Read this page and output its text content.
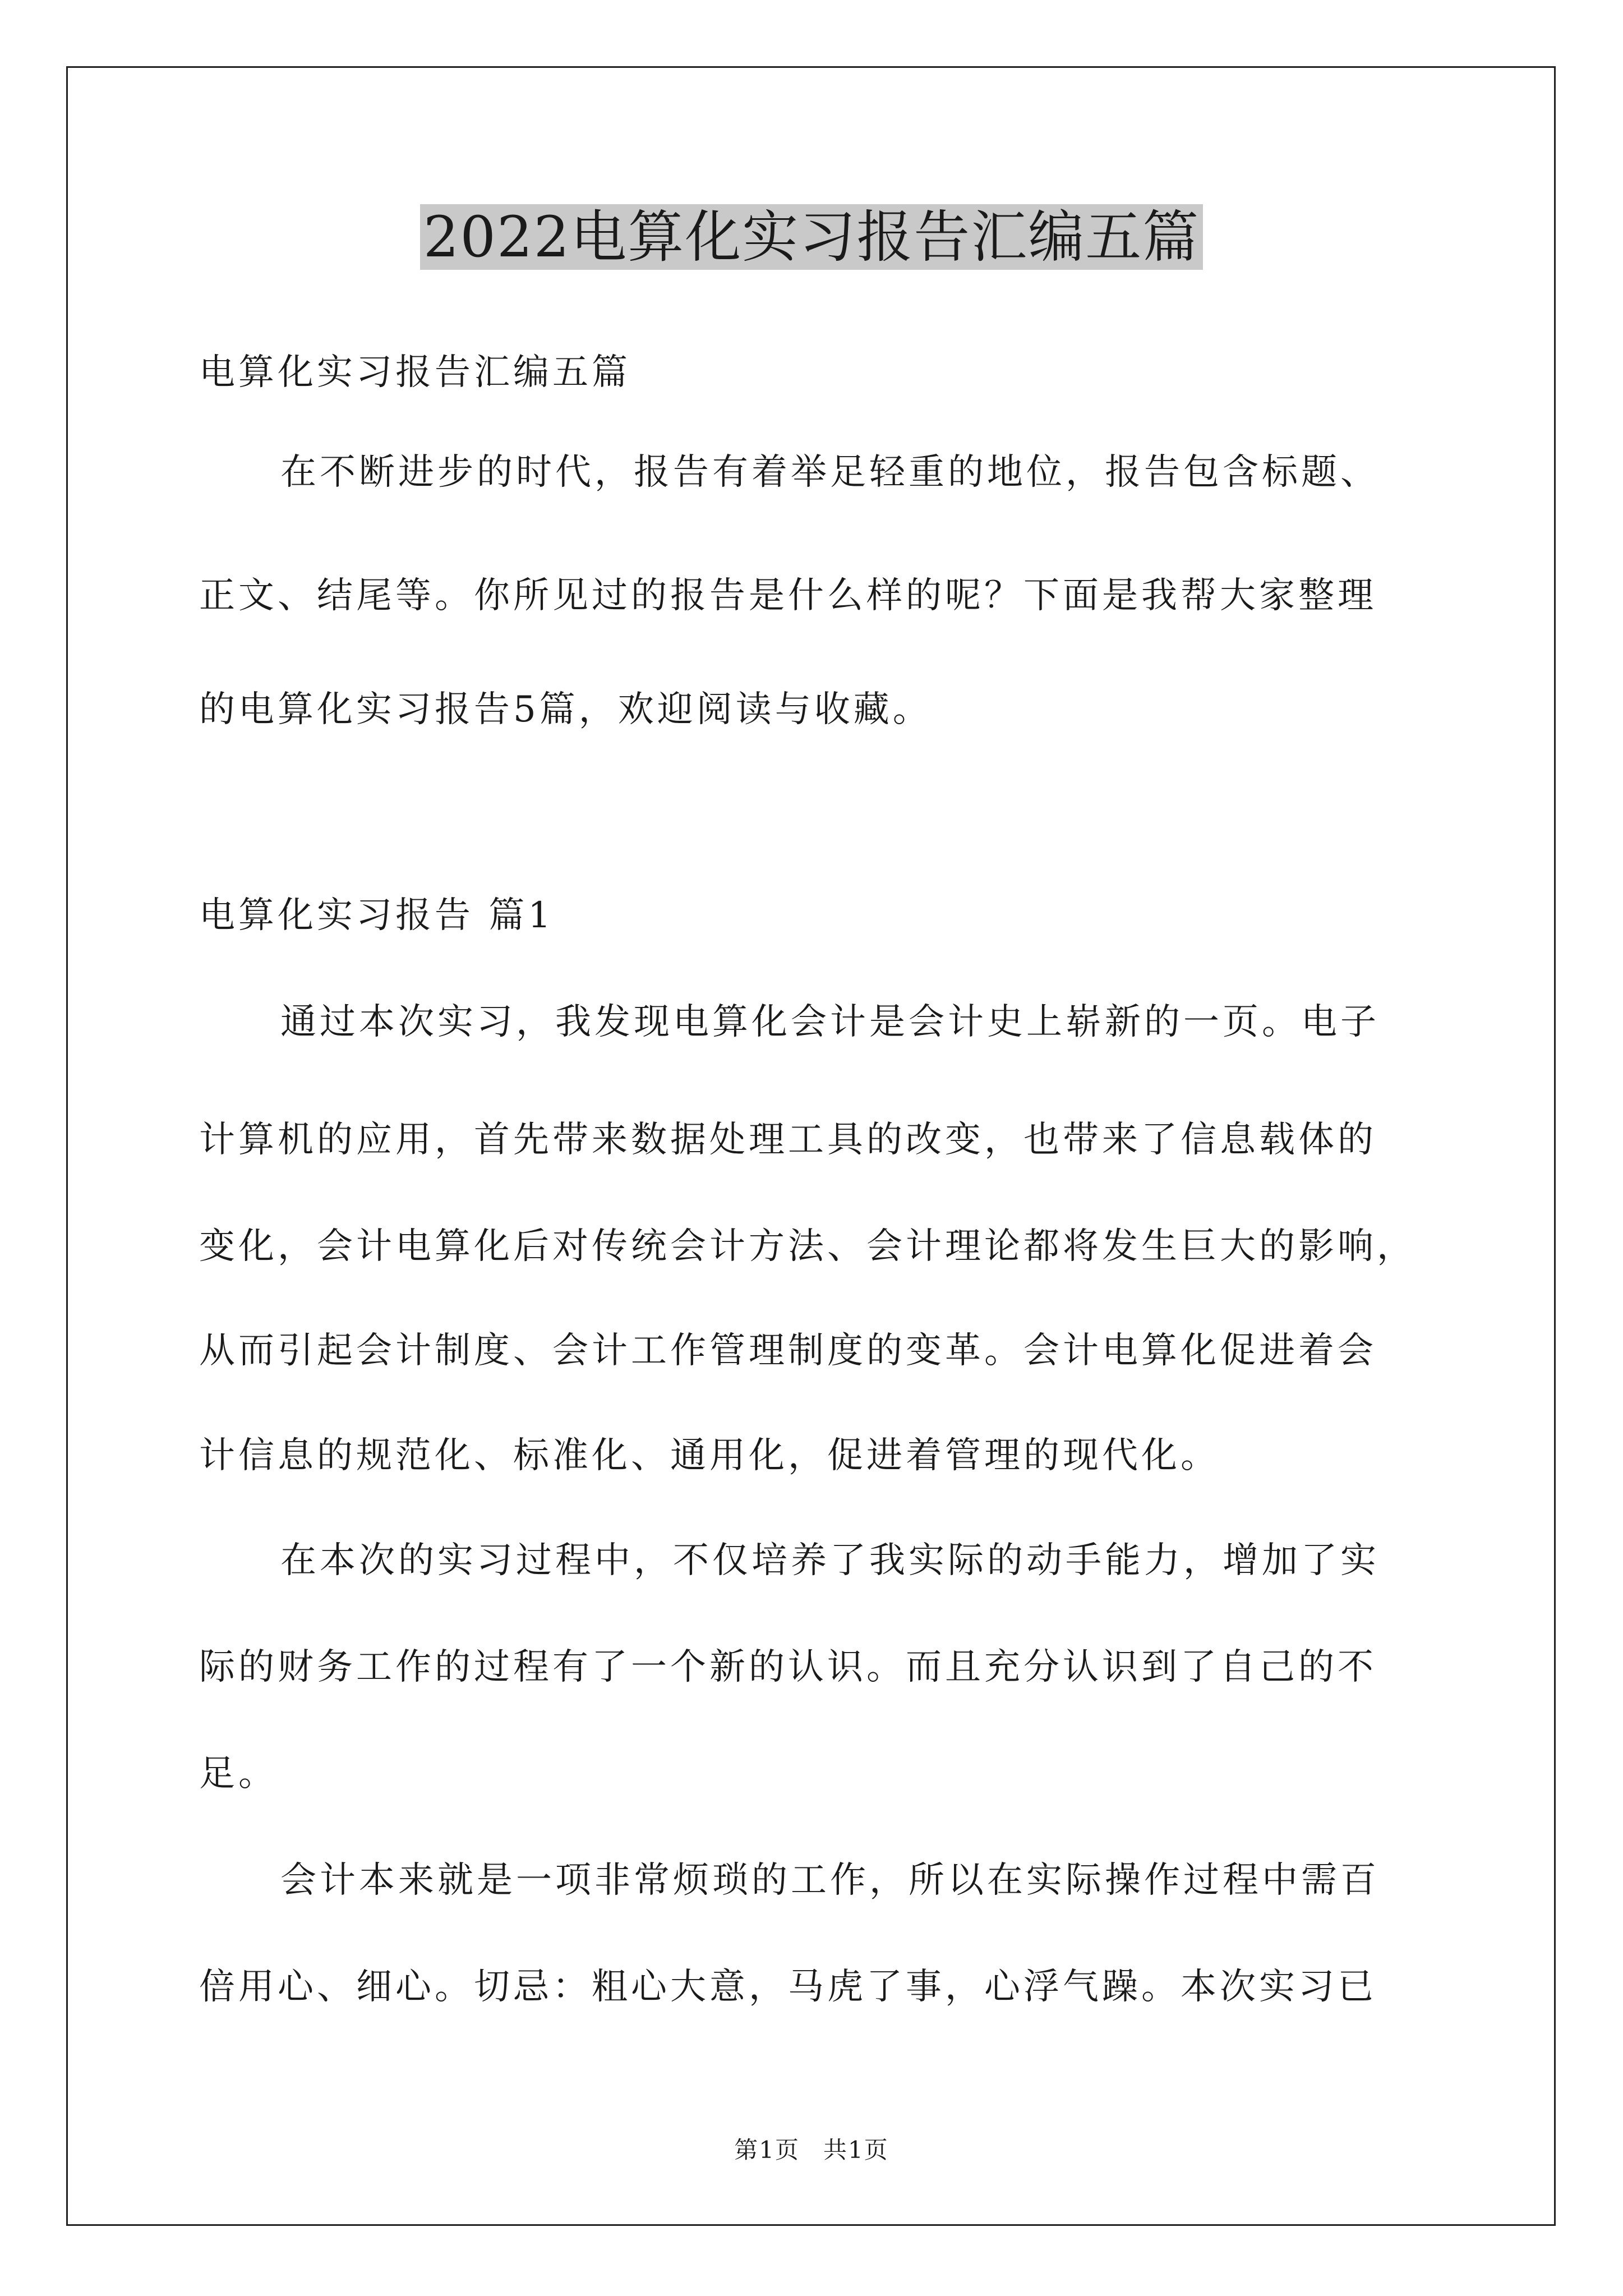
2022电算化实习报告汇编五篇
电算化实习报告汇编五篇
在不断进步的时代，报告有着举足轻重的地位，报告包含标题、
正文、结尾等。你所见过的报告是什么样的呢？下面是我帮大家整理
的电算化实习报告5篇，欢迎阅读与收藏。
电算化实习报告 篇1
通过本次实习，我发现电算化会计是会计史上崭新的一页。电子
计算机的应用，首先带来数据处理工具的改变，也带来了信息载体的
变化，会计电算化后对传统会计方法、会计理论都将发生巨大的影响，
从而引起会计制度、会计工作管理制度的变革。会计电算化促进着会
计信息的规范化、标准化、通用化，促进着管理的现代化。
在本次的实习过程中，不仅培养了我实际的动手能力，增加了实
际的财务工作的过程有了一个新的认识。而且充分认识到了自己的不
足。
会计本来就是一项非常烦琐的工作，所以在实际操作过程中需百
倍用心、细心。切忌：粗心大意，马虎了事，心浮气躁。本次实习已
第1页 共1页
